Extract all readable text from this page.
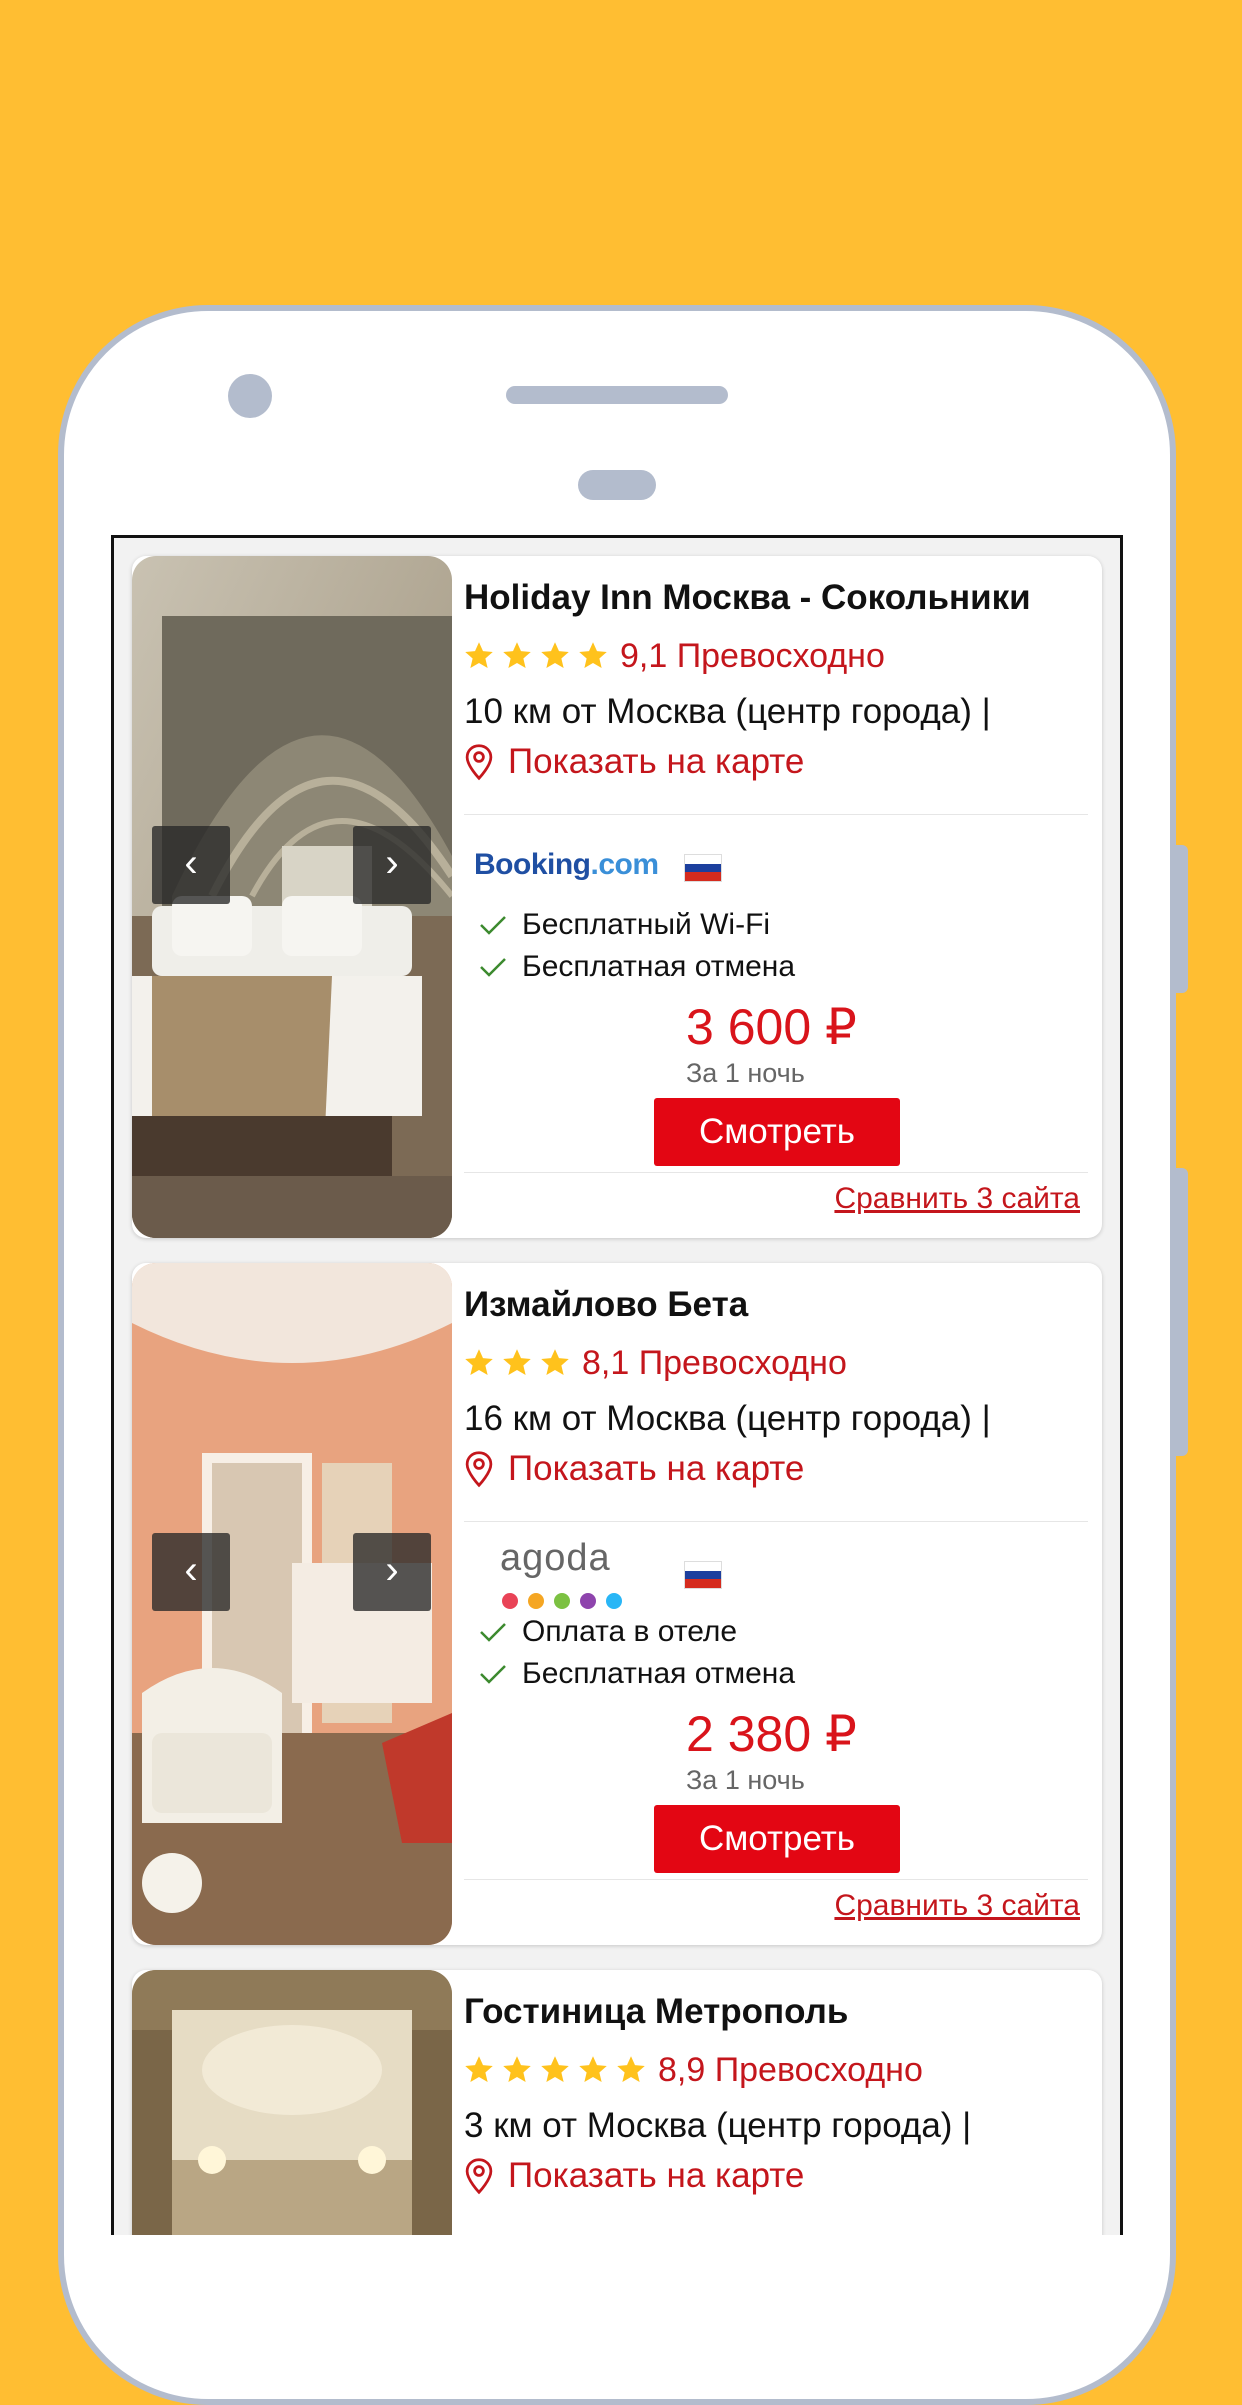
‹	›
Holiday Inn Москва - Сокольники
9,1 Превосходно
10 км от Москва (центр города) |
Показать на карте
Booking.com
Бесплатный Wi-Fi
Бесплатная отмена
3 600 ₽
За 1 ночь
Смотреть
Сравнить 3 сайта
‹	›
Измайлово Бета
8,1 Превосходно
16 км от Москва (центр города) |
Показать на карте
agoda
Оплата в отеле
Бесплатная отмена
2 380 ₽
За 1 ночь
Смотреть
Сравнить 3 сайта
Гостиница Метрополь
8,9 Превосходно
3 км от Москва (центр города) |
Показать на карте
